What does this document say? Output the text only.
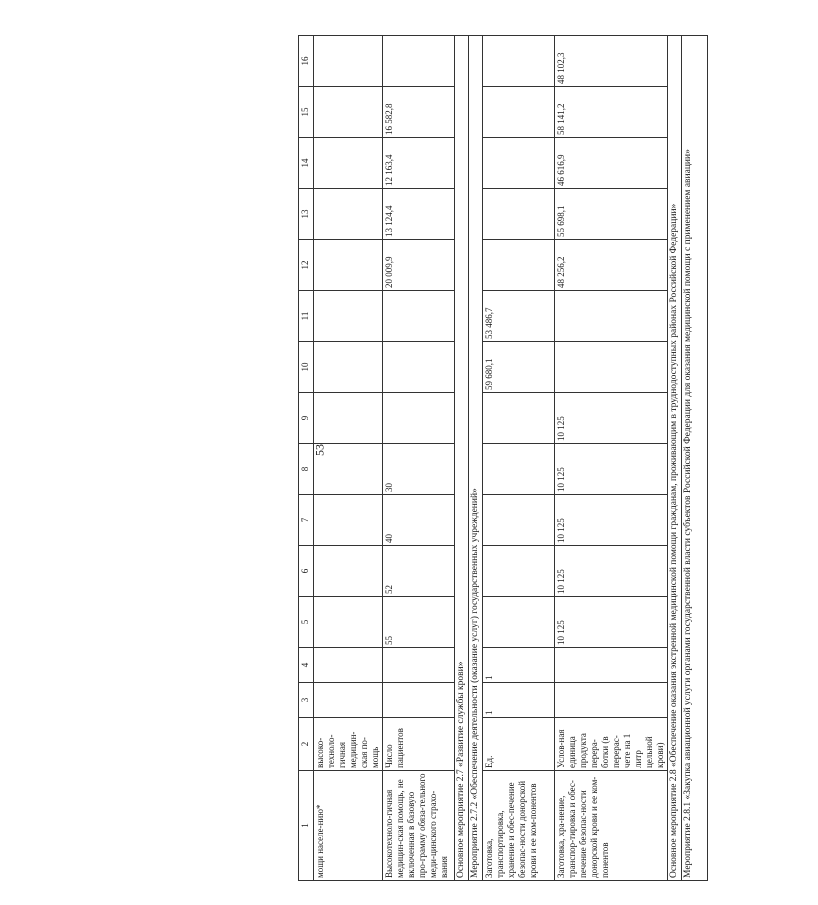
53
1	2	3	4	5	6	7	8	9	10	11	12	13	14	15	16
мощи населе-нию*	высоко-техноло-гичная медицин-ская по-мощь														
Высокотехноло-гичная медицин-ская помощь, не включенная в базовую про-грамму обяза-тельного меди-цинского страхо-вания	Число пациентов			55	52	40	30				20 009,9	13 124,4	12 163,4	16 582,8	
Основное мероприятие 2.7 «Развитие службы крови»															
Мероприятие 2.7.2 «Обеспечение деятельности (оказание услуг) государственных учреждений»															
Заготовка, транспортировка, хранение и обес-печение безопас-ности донорской крови и ее ком-понентов	Ед.	1	1						59 680,1	53 486,7					
Заготовка, хра-нение, транспор-тировка и обес-печение безопас-ности донорской крови и ее ком-понентов	Услов-ная единица продукта перера-ботки (в перерас-чете на 1 литр цельной крови)			10 125	10 125	10 125	10 125	10 125			48 256,2	55 698,1	46 616,9	58 141,2	48 102,3
Основное мероприятие 2.8 «Обеспечение оказания экстренной медицинской помощи гражданам, проживающим в труднодоступных районах Российской Федерации»															
Мероприятие 2.8.1 «Закупка авиационной услуги органами государственной власти субъектов Российской Федерации для оказания медицинской помощи с применением авиации»															
